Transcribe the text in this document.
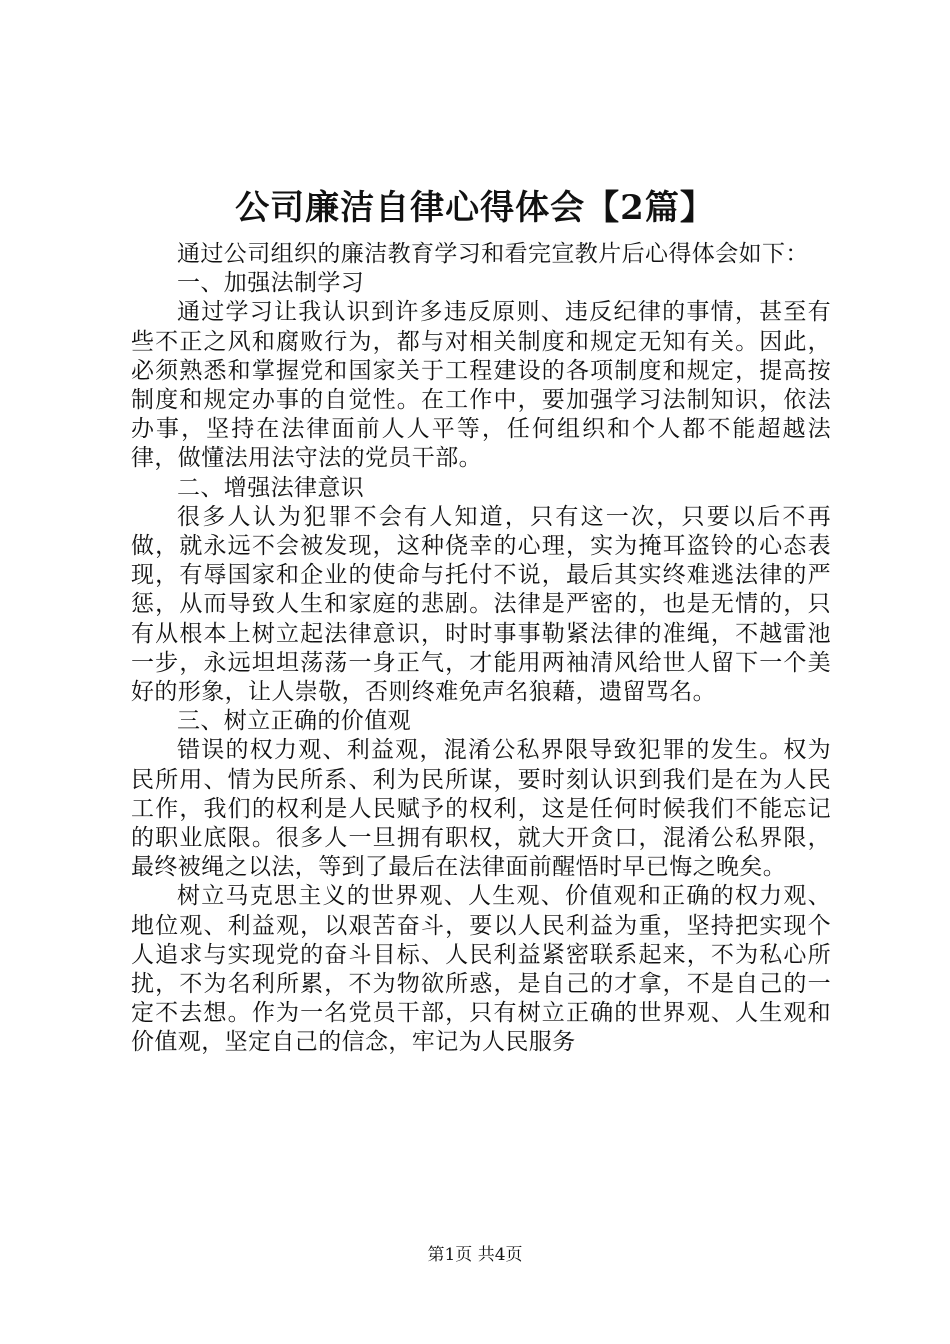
公司廉洁自律心得体会【2篇】

通过公司组织的廉洁教育学习和看完宣教片后心得体会如下：

一、加强法制学习

通过学习让我认识到许多违反原则、违反纪律的事情，甚至有些不正之风和腐败行为，都与对相关制度和规定无知有关。因此，必须熟悉和掌握党和国家关于工程建设的各项制度和规定，提高按制度和规定办事的自觉性。在工作中，要加强学习法制知识，依法办事，坚持在法律面前人人平等，任何组织和个人都不能超越法律，做懂法用法守法的党员干部。

二、增强法律意识

很多人认为犯罪不会有人知道，只有这一次，只要以后不再做，就永远不会被发现，这种侥幸的心理，实为掩耳盗铃的心态表现，有辱国家和企业的使命与托付不说，最后其实终难逃法律的严惩，从而导致人生和家庭的悲剧。法律是严密的，也是无情的，只有从根本上树立起法律意识，时时事事勒紧法律的准绳，不越雷池一步，永远坦坦荡荡一身正气，才能用两袖清风给世人留下一个美好的形象，让人崇敬，否则终难免声名狼藉，遗留骂名。

三、树立正确的价值观

错误的权力观、利益观，混淆公私界限导致犯罪的发生。权为民所用、情为民所系、利为民所谋，要时刻认识到我们是在为人民工作，我们的权利是人民赋予的权利，这是任何时候我们不能忘记的职业底限。很多人一旦拥有职权，就大开贪口，混淆公私界限，最终被绳之以法，等到了最后在法律面前醒悟时早已悔之晚矣。

树立马克思主义的世界观、人生观、价值观和正确的权力观、地位观、利益观，以艰苦奋斗，要以人民利益为重，坚持把实现个人追求与实现党的奋斗目标、人民利益紧密联系起来，不为私心所扰，不为名利所累，不为物欲所惑，是自己的才拿，不是自己的一定不去想。作为一名党员干部，只有树立正确的世界观、人生观和价值观，坚定自己的信念，牢记为人民服务

第1页 共4页
